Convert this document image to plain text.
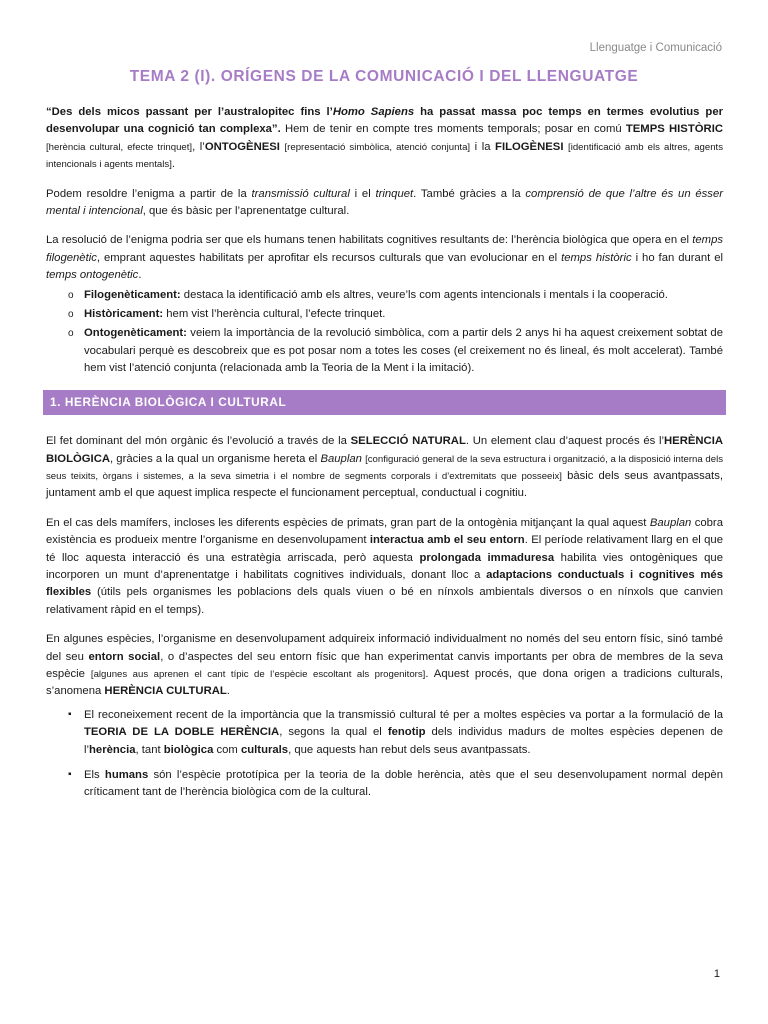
Llenguatge i Comunicació
TEMA 2 (I). ORÍGENS DE LA COMUNICACIÓ I DEL LLENGUATGE

“Des dels micos passant per l’australopitec fins l’Homo Sapiens ha passat massa poc temps en termes evolutius per desenvolupar una cognició tan complexa”. Hem de tenir en compte tres moments temporals; posar en comú TEMPS HISTÒRIC [herència cultural, efecte trinquet], l’ONTOGÈNESI [representació simbòlica, atenció conjunta] i la FILOGÈNESI [identificació amb els altres, agents intencionals i agents mentals].

Podem resoldre l’enigma a partir de la transmissió cultural i el trinquet. També gràcies a la comprensió de que l’altre és un ésser mental i intencional, que és bàsic per l’aprenentatge cultural.

La resolució de l’enigma podria ser que els humans tenen habilitats cognitives resultants de: l’herència biològica que opera en el temps filogenètic, emprant aquestes habilitats per aprofitar els recursos culturals que van evolucionar en el temps històric i ho fan durant el temps ontogenètic.

o Filogenèticament: destaca la identificació amb els altres, veure’ls com agents intencionals i mentals i la cooperació.
o Històricament: hem vist l’herència cultural, l’efecte trinquet.
o Ontogenèticament: veiem la importància de la revolució simbòlica, com a partir dels 2 anys hi ha aquest creixement sobtat de vocabulari perquè es descobreix que es pot posar nom a totes les coses (el creixement no és lineal, és molt accelerat). També hem vist l’atenció conjunta (relacionada amb la Teoria de la Ment i la imitació).
1. HERÈNCIA BIOLÒGICA I CULTURAL

El fet dominant del món orgànic és l’evolució a través de la SELECCIÓ NATURAL. Un element clau d’aquest procés és l’HERÈNCIA BIOLÒGICA, gràcies a la qual un organisme hereta el Bauplan [configuració general de la seva estructura i organització, a la disposició interna dels seus teixits, òrgans i sistemes, a la seva simetria i el nombre de segments corporals i d’extremitats que posseeix] bàsic dels seus avantpassats, juntament amb el que aquest implica respecte el funcionament perceptual, conductual i cognitiu.

En el cas dels mamífers, incloses les diferents espècies de primats, gran part de la ontogènia mitjançant la qual aquest Bauplan cobra existència es produeix mentre l’organisme en desenvolupament interactua amb el seu entorn. El període relativament llarg en el que té lloc aquesta interacció és una estratègia arriscada, però aquesta prolongada immaduresa habilita vies ontogèniques que incorporen un munt d’aprenentatge i habilitats cognitives individuals, donant lloc a adaptacions conductuals i cognitives més flexibles (útils pels organismes les poblacions dels quals viuen o bé en nínxols ambientals diversos o en nínxols que canvien relativament ràpid en el temps).

En algunes espècies, l’organisme en desenvolupament adquireix informació individualment no només del seu entorn físic, sinó també del seu entorn social, o d’aspectes del seu entorn físic que han experimentat canvis importants per obra de membres de la seva espècie [algunes aus aprenen el cant típic de l’espècie escoltant als progenitors]. Aquest procés, que dona origen a tradicions culturals, s’anomena HERÈNCIA CULTURAL.

▪ El reconeixement recent de la importància que la transmissió cultural té per a moltes espècies va portar a la formulació de la TEORIA DE LA DOBLE HERÈNCIA, segons la qual el fenotip dels individus madurs de moltes espècies depenen de l’herència, tant biològica com culturals, que aquests han rebut dels seus avantpassats.
▪ Els humans són l’espècie prototípica per la teoria de la doble herència, atès que el seu desenvolupament normal depèn críticament tant de l’herència biològica com de la cultural.
1
